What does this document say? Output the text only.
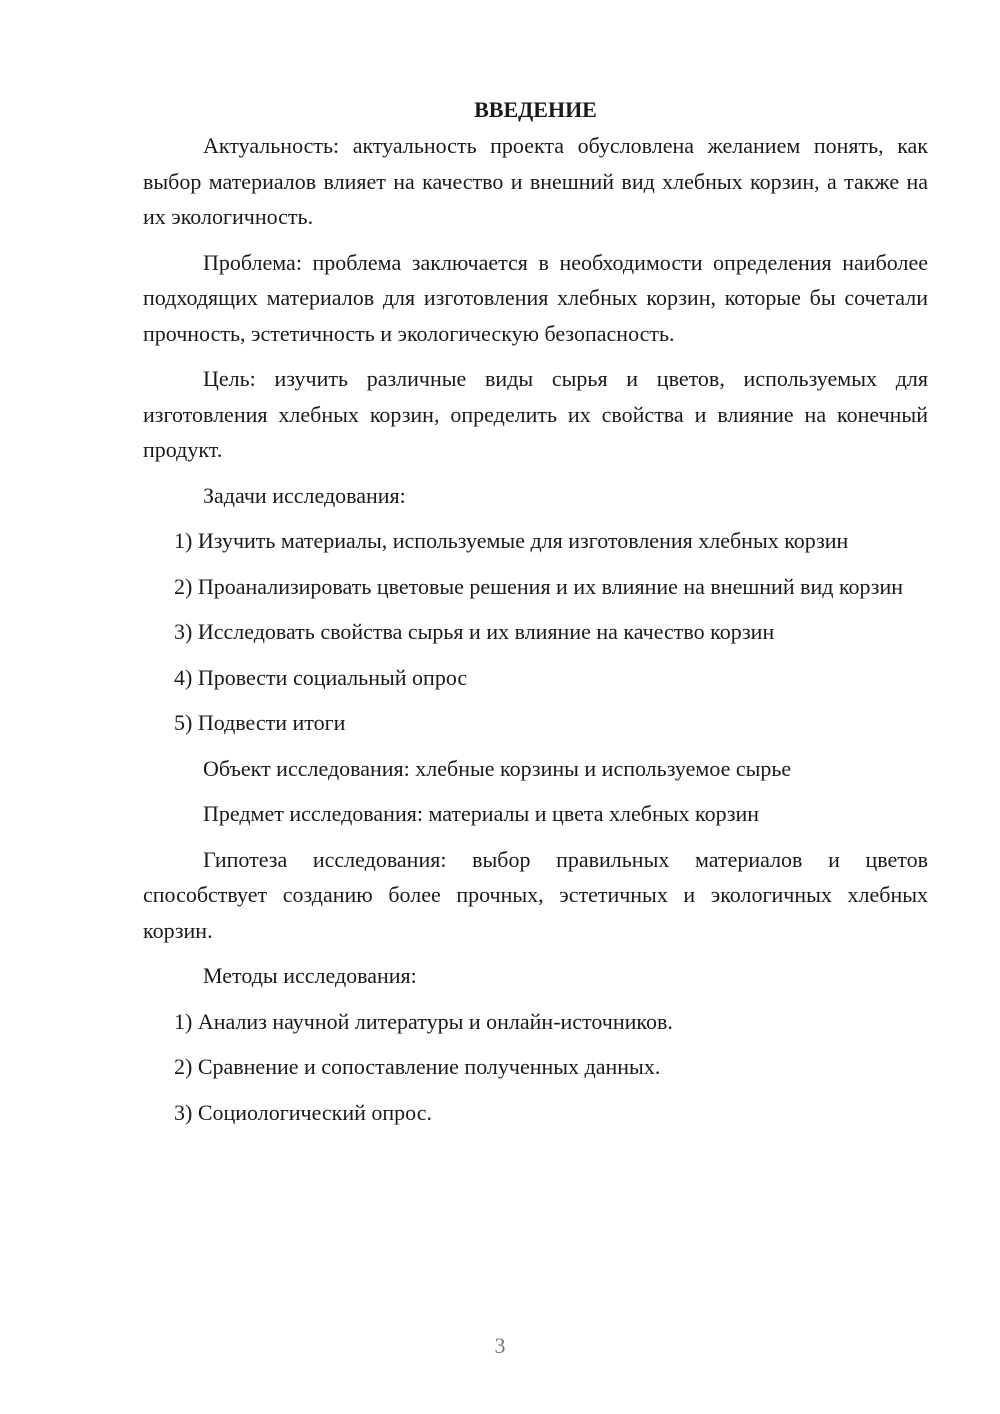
ВВЕДЕНИЕ
Актуальность: актуальность проекта обусловлена желанием понять, как выбор материалов влияет на качество и внешний вид хлебных корзин, а также на их экологичность.
Проблема: проблема заключается в необходимости определения наиболее подходящих материалов для изготовления хлебных корзин, которые бы сочетали прочность, эстетичность и экологическую безопасность.
Цель: изучить различные виды сырья и цветов, используемых для изготовления хлебных корзин, определить их свойства и влияние на конечный продукт.
Задачи исследования:
1) Изучить материалы, используемые для изготовления хлебных корзин
2) Проанализировать цветовые решения и их влияние на внешний вид корзин
3) Исследовать свойства сырья и их влияние на качество корзин
4) Провести социальный опрос
5) Подвести итоги
Объект исследования: хлебные корзины и используемое сырье
Предмет исследования: материалы и цвета хлебных корзин
Гипотеза исследования: выбор правильных материалов и цветов способствует созданию более прочных, эстетичных и экологичных хлебных корзин.
Методы исследования:
1) Анализ научной литературы и онлайн-источников.
2) Сравнение и сопоставление полученных данных.
3) Социологический опрос.
3
